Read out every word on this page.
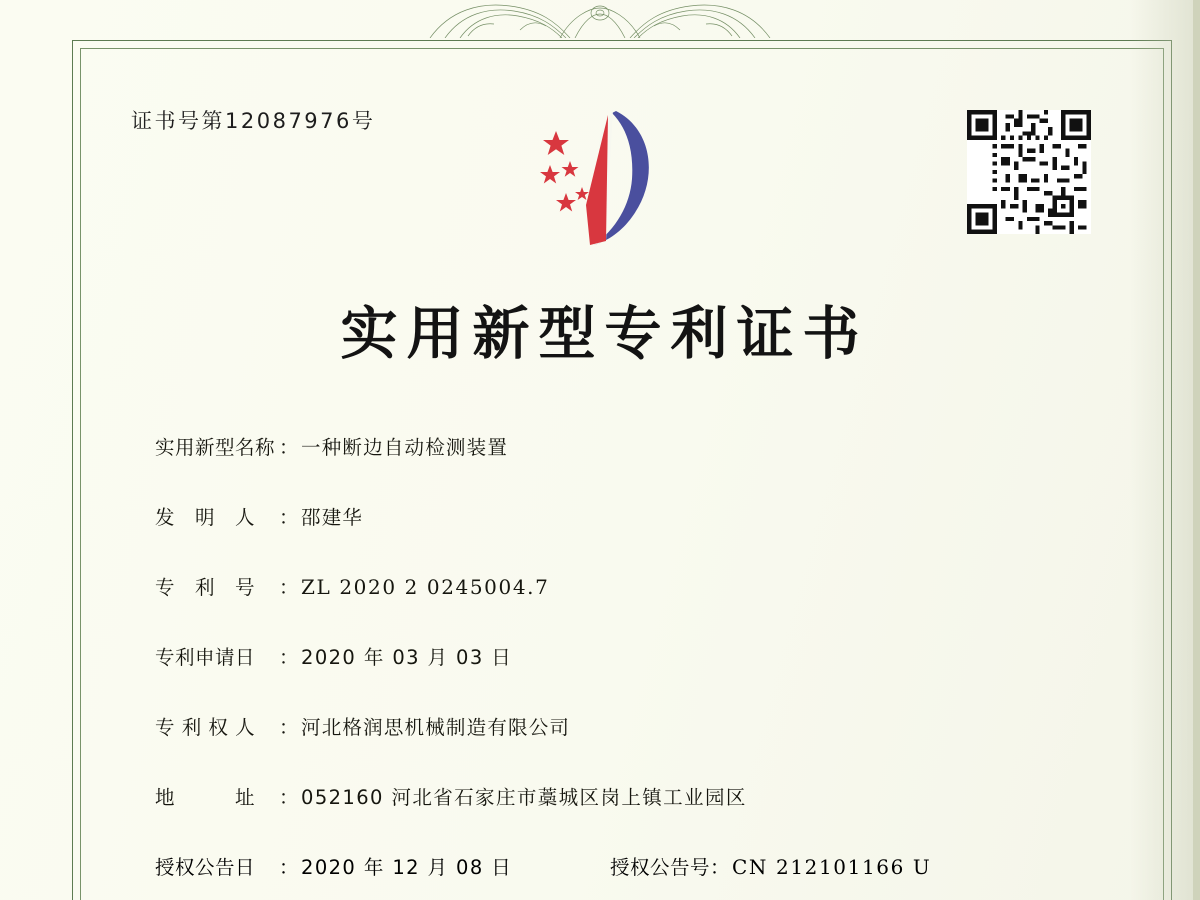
证书号第12087976号
实用新型专利证书
实用新型名称 ： 一种断边自动检测装置
发　明　人	： 邵建华
专　利　号	： ZL 2020 2 0245004.7
专利申请日	： 2020 年 03 月 03 日
专 利 权 人	： 河北格润思机械制造有限公司
地　　　址	： 052160 河北省石家庄市藁城区岗上镇工业园区
授权公告日	： 2020 年 12 月 08 日	授权公告号 ： CN 212101166 U
